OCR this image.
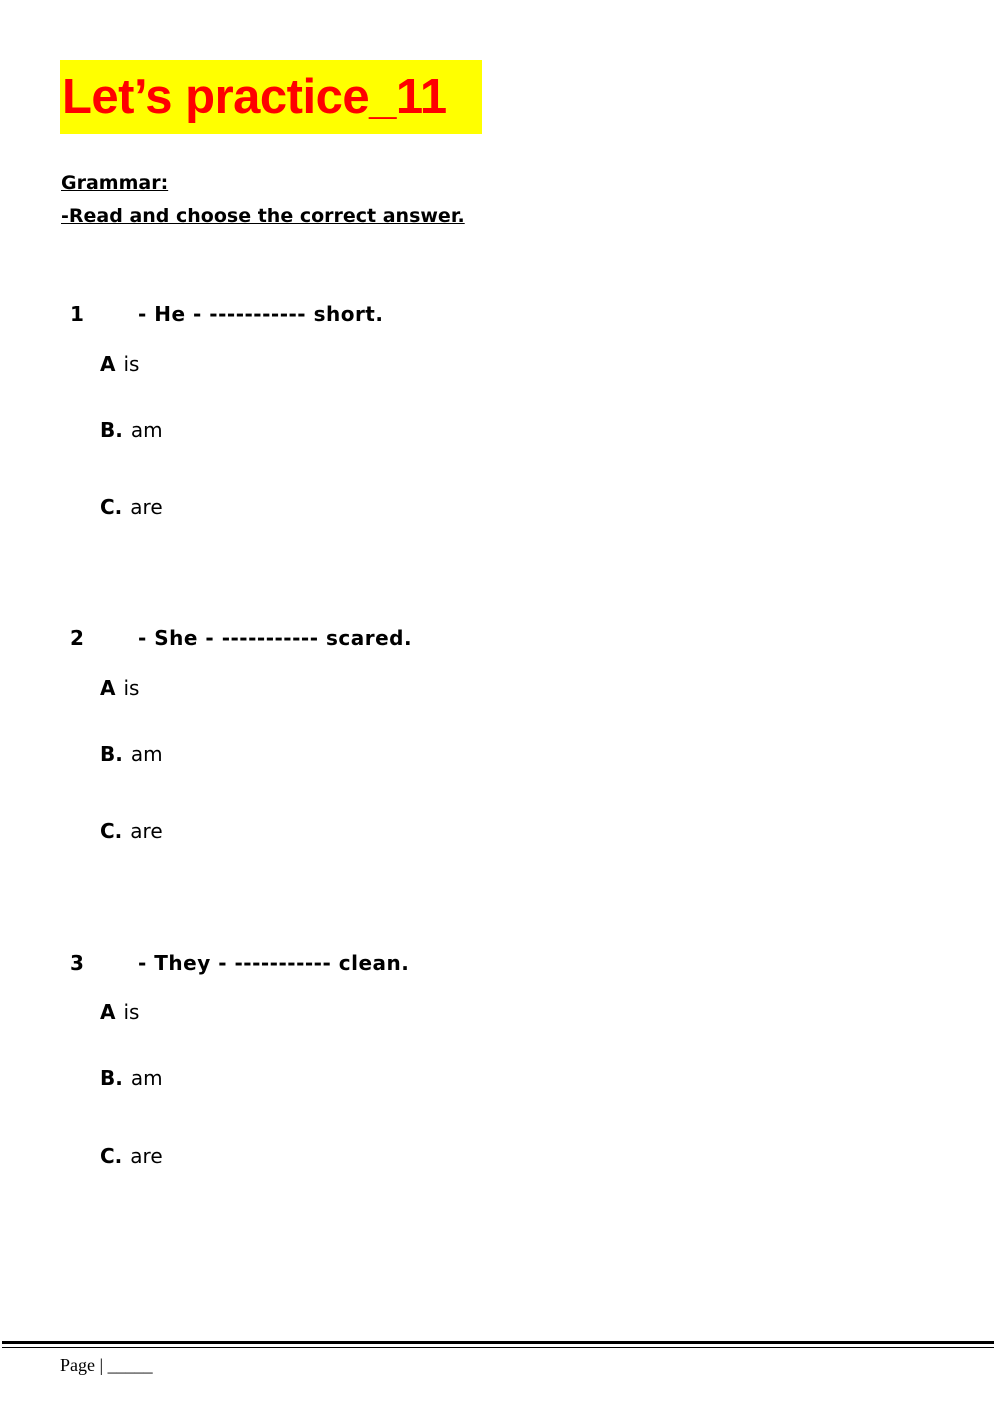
Let’s practice_11
Grammar:
-Read and choose the correct answer.
1	- He - ----------- short.
A is
B. am
C. are
2	- She - ----------- scared.
A is
B. am
C. are
3	- They - ----------- clean.
A is
B. am
C. are
Page | _____
